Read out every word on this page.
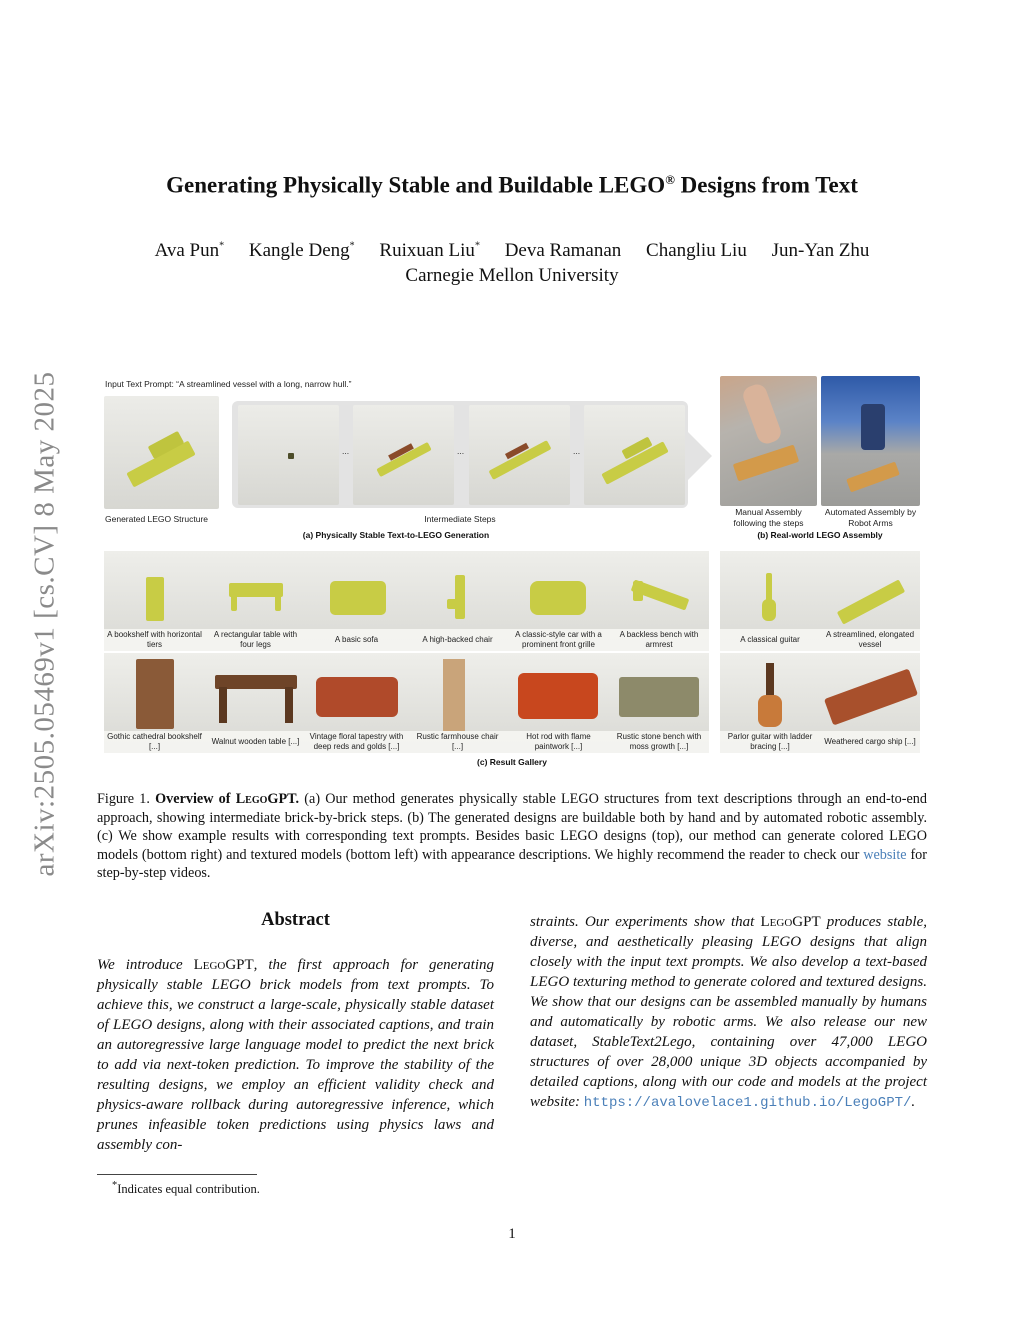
arXiv:2505.05469v1 [cs.CV] 8 May 2025
Generating Physically Stable and Buildable LEGO® Designs from Text
Ava Pun* Kangle Deng* Ruixuan Liu* Deva Ramanan Changliu Liu Jun-Yan Zhu
Carnegie Mellon University
Input Text Prompt: “A streamlined vessel with a long, narrow hull.”
Generated LEGO Structure
...	...	...
Intermediate Steps
(a) Physically Stable Text-to-LEGO Generation
Manual Assembly following the steps
Automated Assembly by Robot Arms
(b) Real-world LEGO Assembly
A bookshelf with horizontal tiers
A rectangular table with four legs
A basic sofa	A high-backed chair
A classic-style car with a prominent front grille
A backless bench with armrest
A classical guitar
A streamlined, elongated vessel
Gothic cathedral bookshelf [...]
Walnut wooden table [...]
Vintage floral tapestry with deep reds and golds [...]
Rustic farmhouse chair [...]
Hot rod with flame paintwork [...]
Rustic stone bench with moss growth [...]
Parlor guitar with ladder bracing [...]
Weathered cargo ship [...]
(c) Result Gallery
Figure 1. Overview of LegoGPT. (a) Our method generates physically stable LEGO structures from text descriptions through an end-to-end approach, showing intermediate brick-by-brick steps. (b) The generated designs are buildable both by hand and by automated robotic assembly. (c) We show example results with corresponding text prompts. Besides basic LEGO designs (top), our method can generate colored LEGO models (bottom right) and textured models (bottom left) with appearance descriptions. We highly recommend the reader to check our website for step-by-step videos.
Abstract
We introduce LegoGPT, the first approach for generating physically stable LEGO brick models from text prompts. To achieve this, we construct a large-scale, physically stable dataset of LEGO designs, along with their associated captions, and train an autoregressive large language model to predict the next brick to add via next-token prediction. To improve the stability of the resulting designs, we employ an efficient validity check and physics-aware rollback during autoregressive inference, which prunes infeasible token predictions using physics laws and assembly con-
straints. Our experiments show that LegoGPT produces stable, diverse, and aesthetically pleasing LEGO designs that align closely with the input text prompts. We also develop a text-based LEGO texturing method to generate colored and textured designs. We show that our designs can be assembled manually by humans and automatically by robotic arms. We also release our new dataset, StableText2Lego, containing over 47,000 LEGO structures of over 28,000 unique 3D objects accompanied by detailed captions, along with our code and models at the project website: https://avalovelace1.github.io/LegoGPT/.
*Indicates equal contribution.
1
